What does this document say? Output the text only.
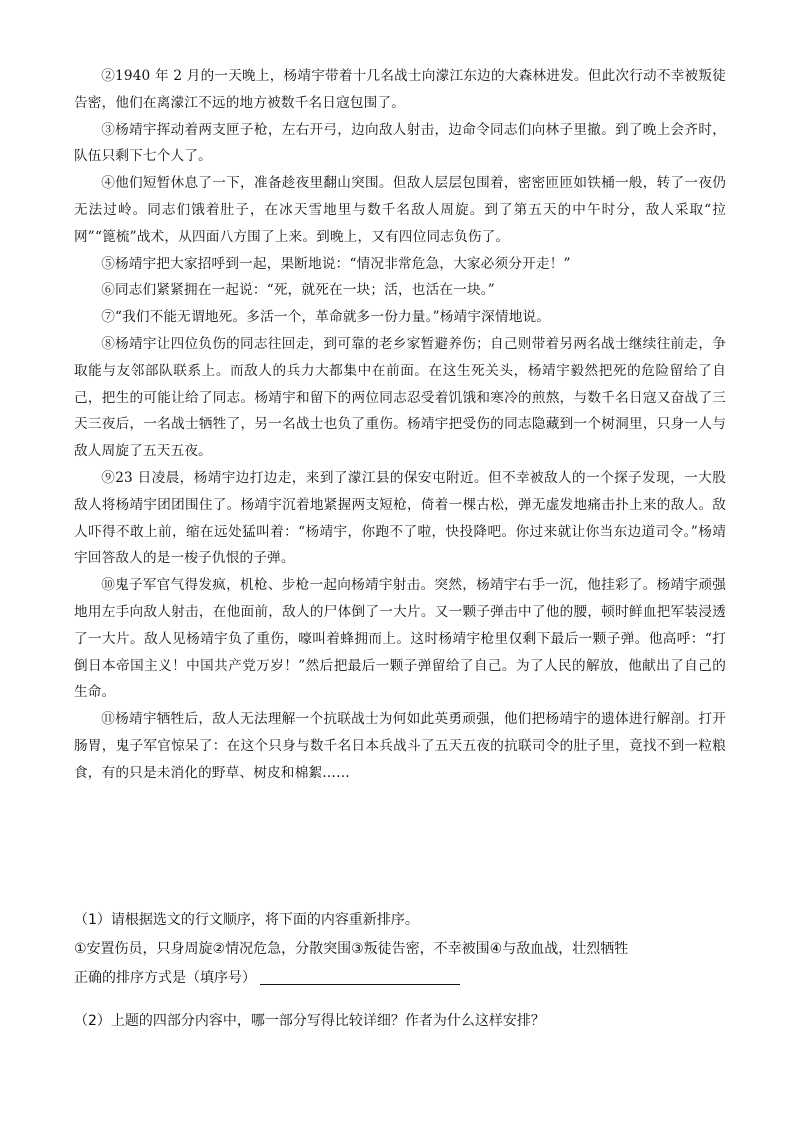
②1940 年 2 月的一天晚上，杨靖宇带着十几名战士向濛江东边的大森林进发。但此次行动不幸被叛徒告密，他们在离濛江不远的地方被数千名日寇包围了。

③杨靖宇挥动着两支匣子枪，左右开弓，边向敌人射击，边命令同志们向林子里撤。到了晚上会齐时，队伍只剩下七个人了。

④他们短暂休息了一下，准备趁夜里翻山突围。但敌人层层包围着，密密匝匝如铁桶一般，转了一夜仍无法过岭。同志们饿着肚子，在冰天雪地里与数千名敌人周旋。到了第五天的中午时分，敌人采取“拉网”“篦梳”战术，从四面八方围了上来。到晚上，又有四位同志负伤了。

⑤杨靖宇把大家招呼到一起，果断地说：“情况非常危急，大家必须分开走！”

⑥同志们紧紧拥在一起说：“死，就死在一块；活，也活在一块。”

⑦“我们不能无谓地死。多活一个，革命就多一份力量。”杨靖宇深情地说。

⑧杨靖宇让四位负伤的同志往回走，到可靠的老乡家暂避养伤；自己则带着另两名战士继续往前走，争取能与友邻部队联系上。而敌人的兵力大都集中在前面。在这生死关头，杨靖宇毅然把死的危险留给了自己，把生的可能让给了同志。杨靖宇和留下的两位同志忍受着饥饿和寒冷的煎熬，与数千名日寇又奋战了三天三夜后，一名战士牺牲了，另一名战士也负了重伤。杨靖宇把受伤的同志隐藏到一个树洞里，只身一人与敌人周旋了五天五夜。

⑨23 日凌晨，杨靖宇边打边走，来到了濛江县的保安屯附近。但不幸被敌人的一个探子发现，一大股敌人将杨靖宇团团围住了。杨靖宇沉着地紧握两支短枪，倚着一棵古松，弹无虚发地痛击扑上来的敌人。敌人吓得不敢上前，缩在远处猛叫着：“杨靖宇，你跑不了啦，快投降吧。你过来就让你当东边道司令。”杨靖宇回答敌人的是一梭子仇恨的子弹。

⑩鬼子军官气得发疯，机枪、步枪一起向杨靖宇射击。突然，杨靖宇右手一沉，他挂彩了。杨靖宇顽强地用左手向敌人射击，在他面前，敌人的尸体倒了一大片。又一颗子弹击中了他的腰，顿时鲜血把军装浸透了一大片。敌人见杨靖宇负了重伤，嚎叫着蜂拥而上。这时杨靖宇枪里仅剩下最后一颗子弹。他高呼：“打倒日本帝国主义！中国共产党万岁！”然后把最后一颗子弹留给了自己。为了人民的解放，他献出了自己的生命。

⑪杨靖宇牺牲后，敌人无法理解一个抗联战士为何如此英勇顽强，他们把杨靖宇的遗体进行解剖。打开肠胃，鬼子军官惊呆了：在这个只身与数千名日本兵战斗了五天五夜的抗联司令的肚子里，竟找不到一粒粮食，有的只是未消化的野草、树皮和棉絮……

（1）请根据选文的行文顺序，将下面的内容重新排序。
①安置伤员，只身周旋②情况危急，分散突围③叛徒告密，不幸被围④与敌血战，壮烈牺牲
正确的排序方式是（填序号）
（2）上题的四部分内容中，哪一部分写得比较详细？作者为什么这样安排？
